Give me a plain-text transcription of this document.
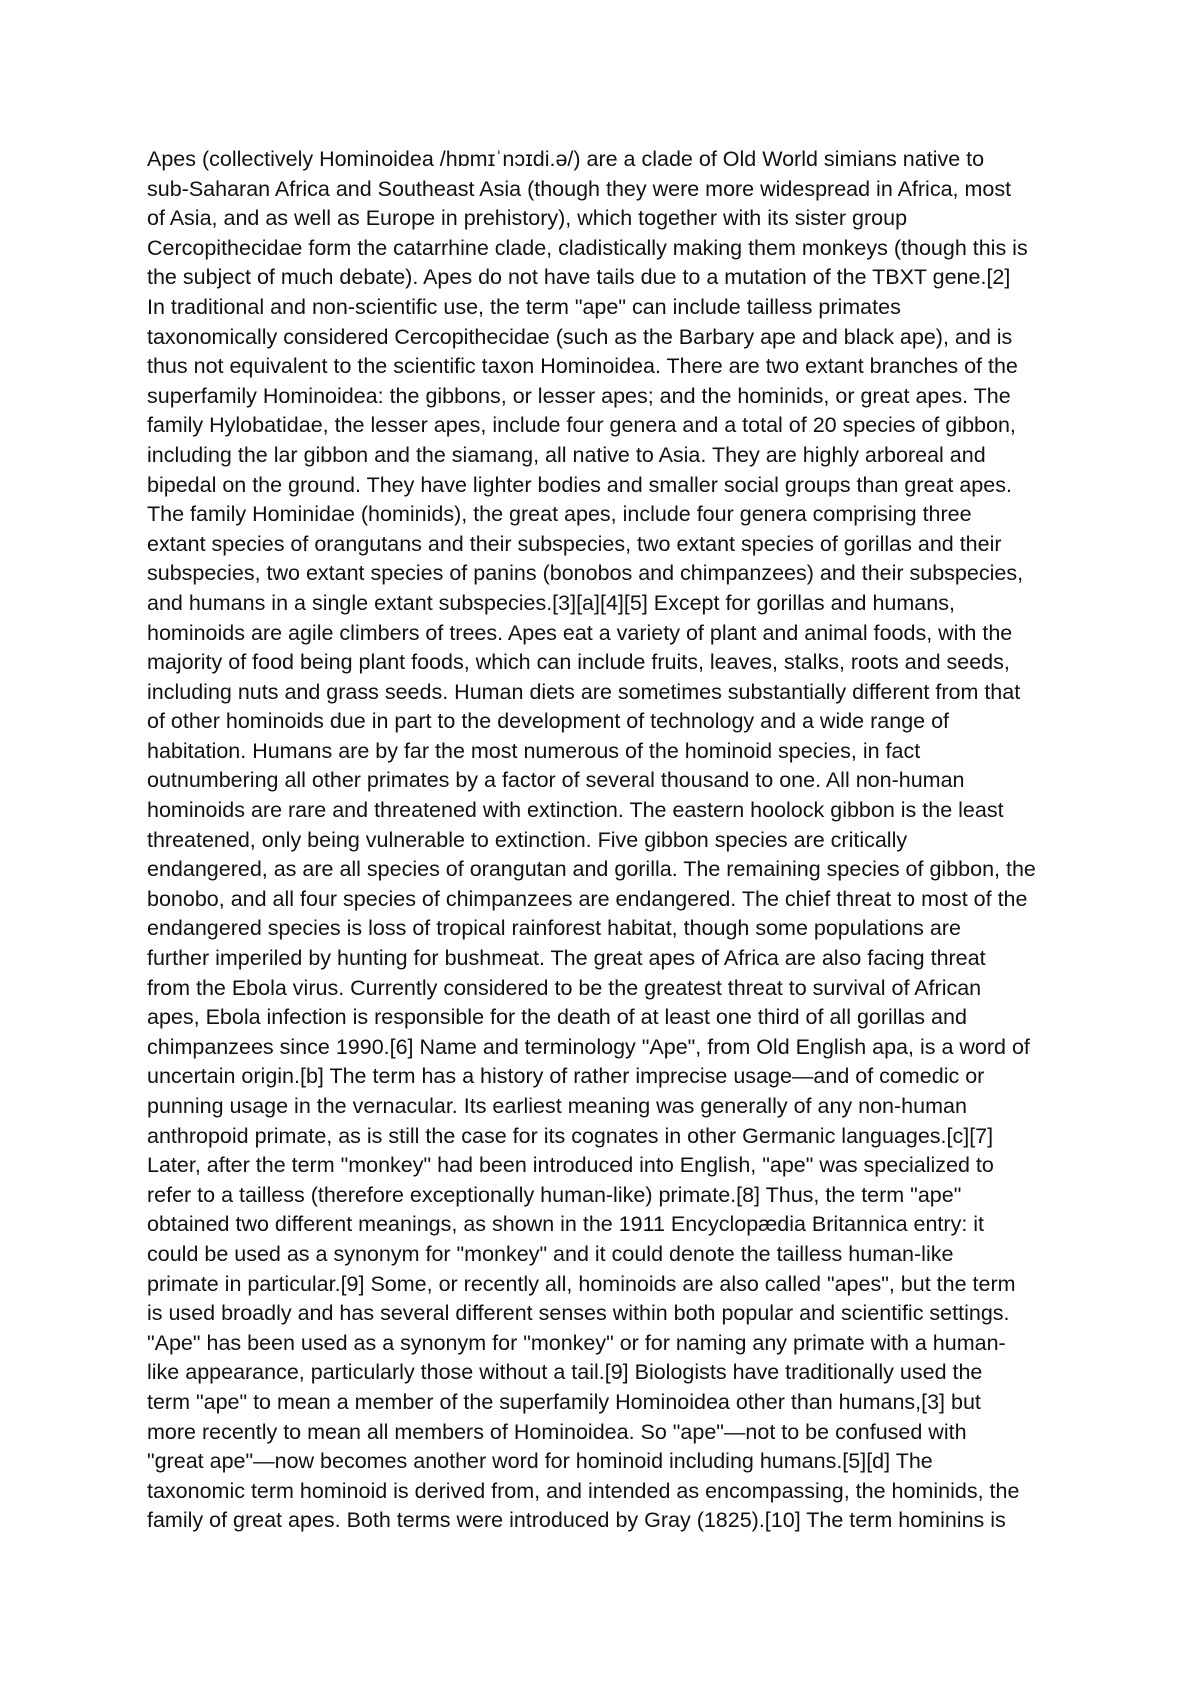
Apes (collectively Hominoidea /hɒmɪˈnɔɪdi.ə/) are a clade of Old World simians native to
sub-Saharan Africa and Southeast Asia (though they were more widespread in Africa, most
of Asia, and as well as Europe in prehistory), which together with its sister group
Cercopithecidae form the catarrhine clade, cladistically making them monkeys (though this is
the subject of much debate). Apes do not have tails due to a mutation of the TBXT gene.[2]
In traditional and non-scientific use, the term "ape" can include tailless primates
taxonomically considered Cercopithecidae (such as the Barbary ape and black ape), and is
thus not equivalent to the scientific taxon Hominoidea. There are two extant branches of the
superfamily Hominoidea: the gibbons, or lesser apes; and the hominids, or great apes. The
family Hylobatidae, the lesser apes, include four genera and a total of 20 species of gibbon,
including the lar gibbon and the siamang, all native to Asia. They are highly arboreal and
bipedal on the ground. They have lighter bodies and smaller social groups than great apes.
The family Hominidae (hominids), the great apes, include four genera comprising three
extant species of orangutans and their subspecies, two extant species of gorillas and their
subspecies, two extant species of panins (bonobos and chimpanzees) and their subspecies,
and humans in a single extant subspecies.[3][a][4][5] Except for gorillas and humans,
hominoids are agile climbers of trees. Apes eat a variety of plant and animal foods, with the
majority of food being plant foods, which can include fruits, leaves, stalks, roots and seeds,
including nuts and grass seeds. Human diets are sometimes substantially different from that
of other hominoids due in part to the development of technology and a wide range of
habitation. Humans are by far the most numerous of the hominoid species, in fact
outnumbering all other primates by a factor of several thousand to one. All non-human
hominoids are rare and threatened with extinction. The eastern hoolock gibbon is the least
threatened, only being vulnerable to extinction. Five gibbon species are critically
endangered, as are all species of orangutan and gorilla. The remaining species of gibbon, the
bonobo, and all four species of chimpanzees are endangered. The chief threat to most of the
endangered species is loss of tropical rainforest habitat, though some populations are
further imperiled by hunting for bushmeat. The great apes of Africa are also facing threat
from the Ebola virus. Currently considered to be the greatest threat to survival of African
apes, Ebola infection is responsible for the death of at least one third of all gorillas and
chimpanzees since 1990.[6] Name and terminology "Ape", from Old English apa, is a word of
uncertain origin.[b] The term has a history of rather imprecise usage—and of comedic or
punning usage in the vernacular. Its earliest meaning was generally of any non-human
anthropoid primate, as is still the case for its cognates in other Germanic languages.[c][7]
Later, after the term "monkey" had been introduced into English, "ape" was specialized to
refer to a tailless (therefore exceptionally human-like) primate.[8] Thus, the term "ape"
obtained two different meanings, as shown in the 1911 Encyclopædia Britannica entry: it
could be used as a synonym for "monkey" and it could denote the tailless human-like
primate in particular.[9] Some, or recently all, hominoids are also called "apes", but the term
is used broadly and has several different senses within both popular and scientific settings.
"Ape" has been used as a synonym for "monkey" or for naming any primate with a human-
like appearance, particularly those without a tail.[9] Biologists have traditionally used the
term "ape" to mean a member of the superfamily Hominoidea other than humans,[3] but
more recently to mean all members of Hominoidea. So "ape"—not to be confused with
"great ape"—now becomes another word for hominoid including humans.[5][d] The
taxonomic term hominoid is derived from, and intended as encompassing, the hominids, the
family of great apes. Both terms were introduced by Gray (1825).[10] The term hominins is
